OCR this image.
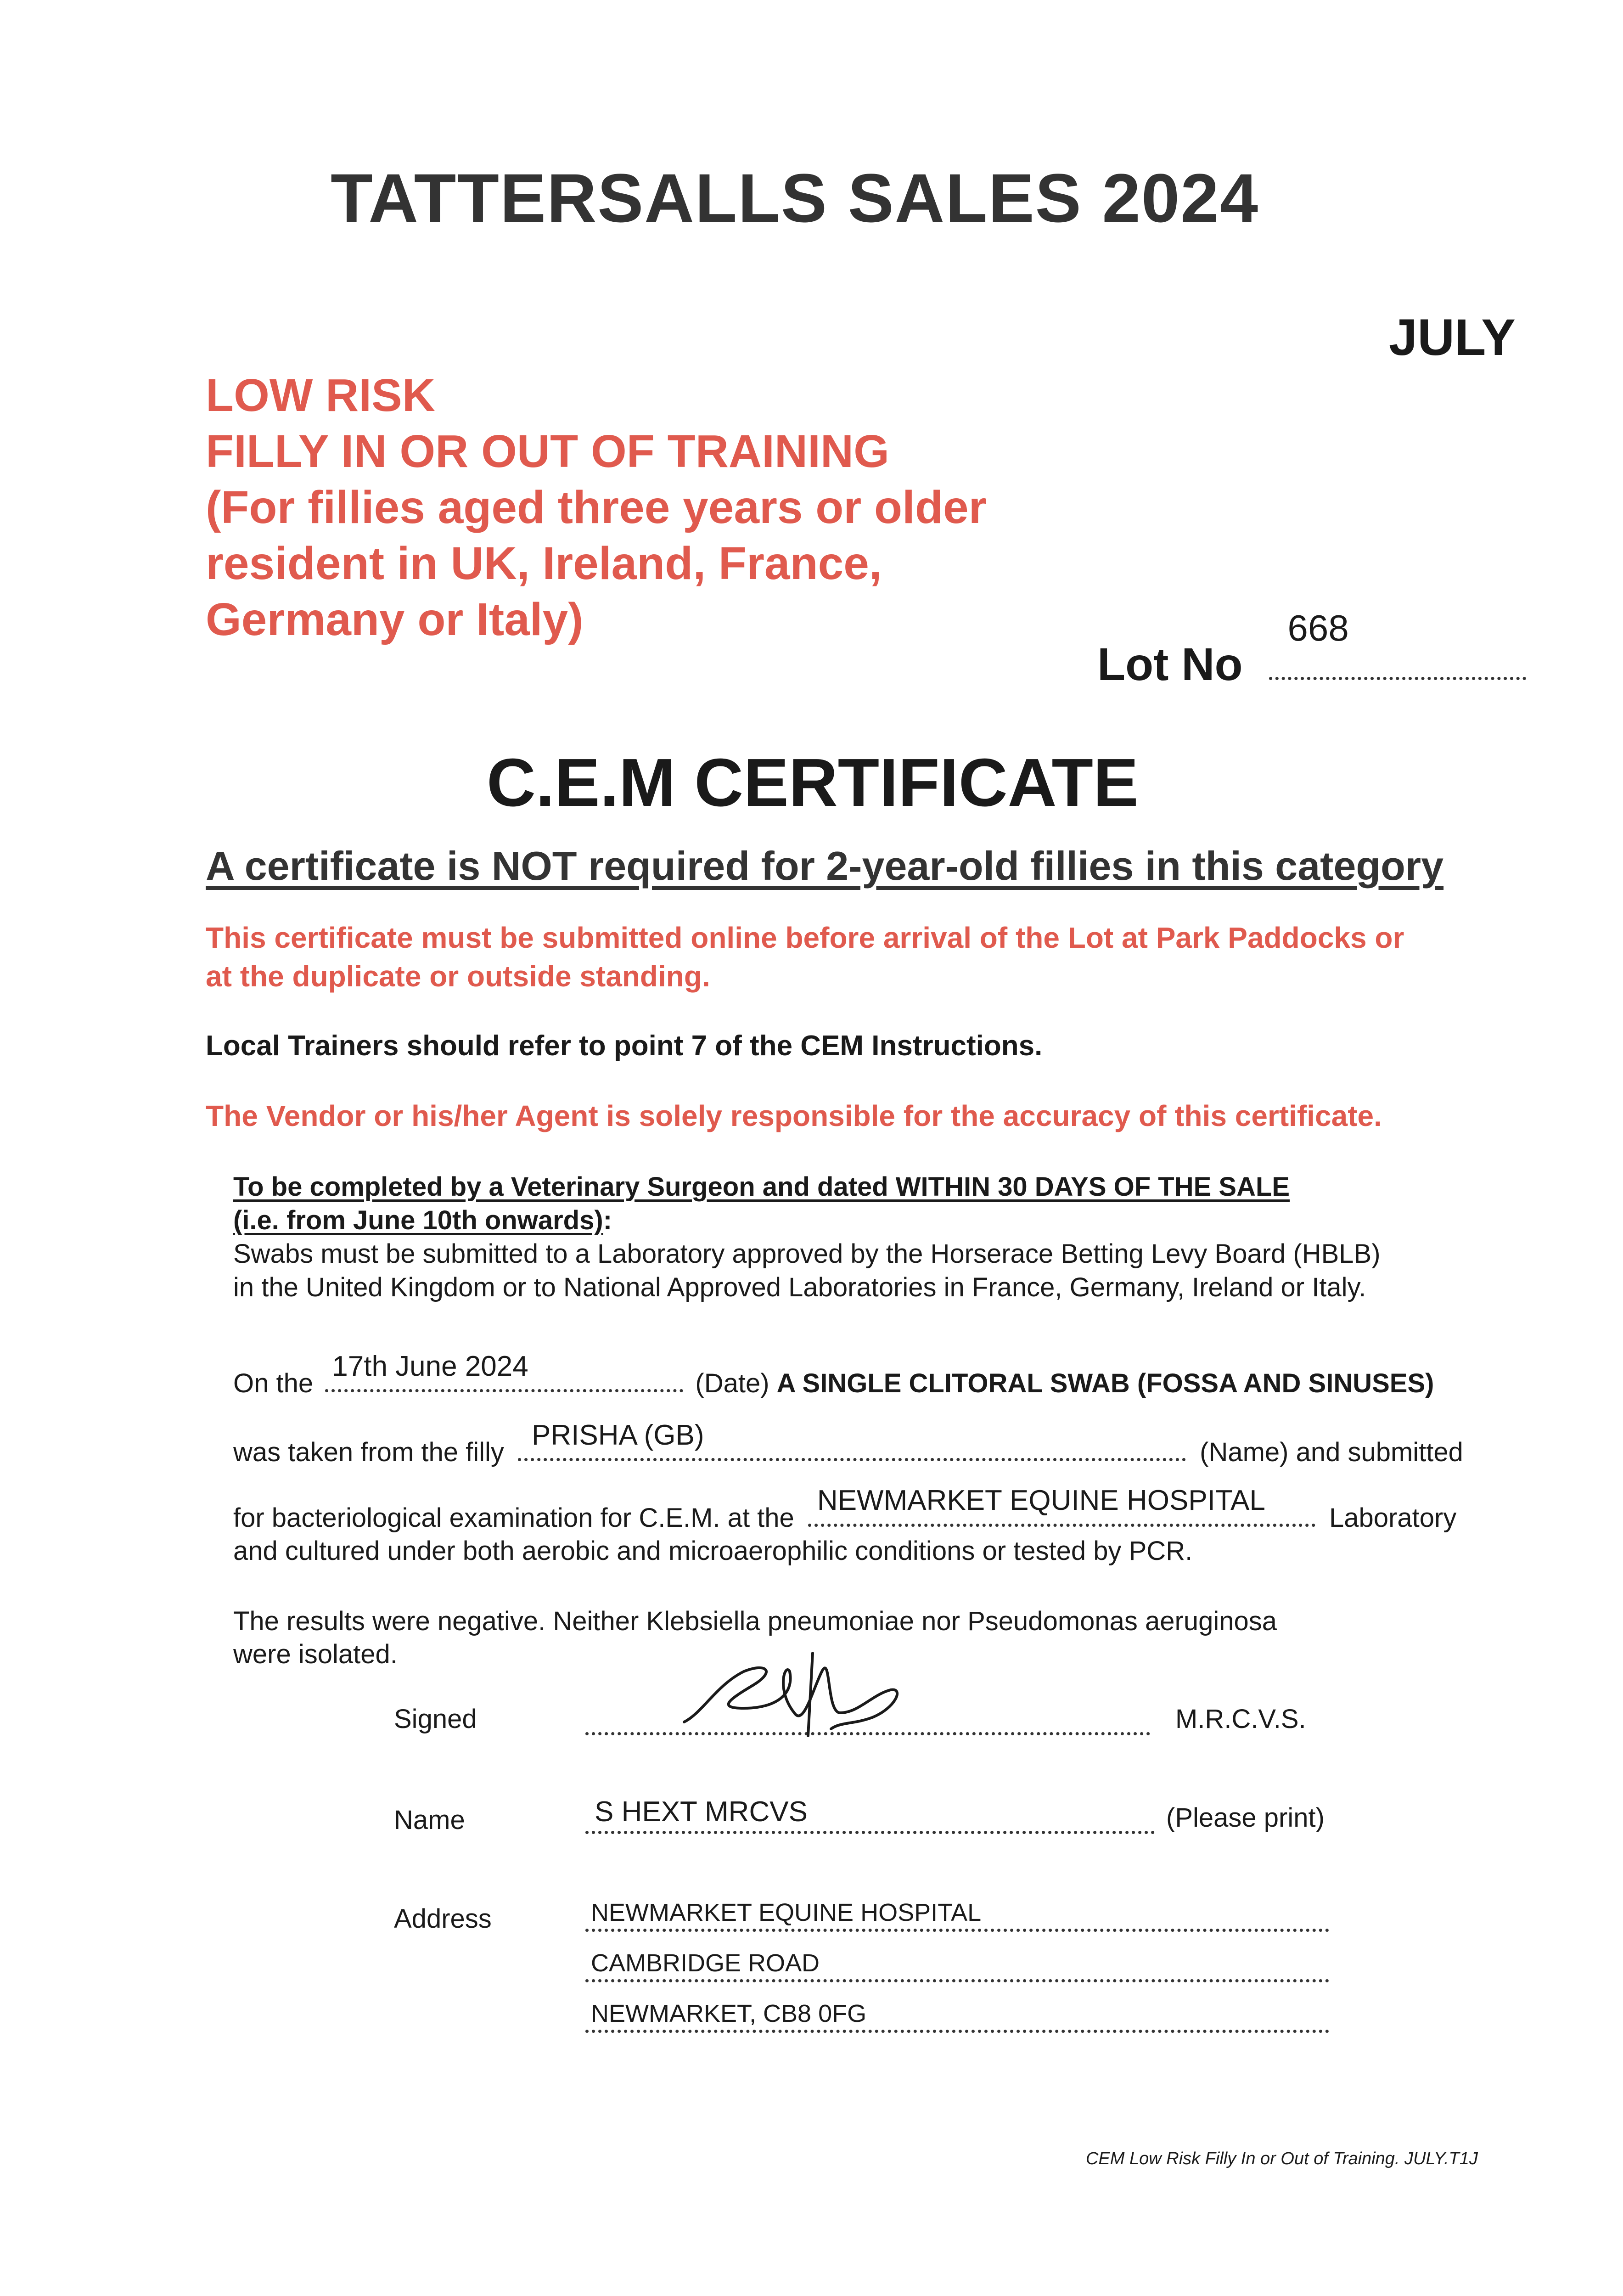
TATTERSALLS SALES 2024
JULY
LOW RISK
FILLY IN OR OUT OF TRAINING
(For fillies aged three years or older
resident in UK, Ireland, France,
Germany or Italy)
Lot No
668
C.E.M CERTIFICATE
A certificate is NOT required for 2-year-old fillies in this category
This certificate must be submitted online before arrival of the Lot at Park Paddocks or
at the duplicate or outside standing.
Local Trainers should refer to point 7 of the CEM Instructions.
The Vendor or his/her Agent is solely responsible for the accuracy of this certificate.
To be completed by a Veterinary Surgeon and dated WITHIN 30 DAYS OF THE SALE
(i.e. from June 10th onwards):
Swabs must be submitted to a Laboratory approved by the Horserace Betting Levy Board (HBLB)
in the United Kingdom or to National Approved Laboratories in France, Germany, Ireland or Italy.
On the
17th June 2024
(Date) A SINGLE CLITORAL SWAB (FOSSA AND SINUSES)
was taken from the filly
PRISHA (GB)
(Name) and submitted
for bacteriological examination for C.E.M. at the
NEWMARKET EQUINE HOSPITAL
Laboratory
and cultured under both aerobic and microaerophilic conditions or tested by PCR.
The results were negative. Neither Klebsiella pneumoniae nor Pseudomonas aeruginosa
were isolated.
Signed	M.R.C.V.S.
Name	S HEXT MRCVS	(Please print)
Address	NEWMARKET EQUINE HOSPITAL
CAMBRIDGE ROAD
NEWMARKET, CB8 0FG
CEM Low Risk Filly In or Out of Training. JULY.T1J
